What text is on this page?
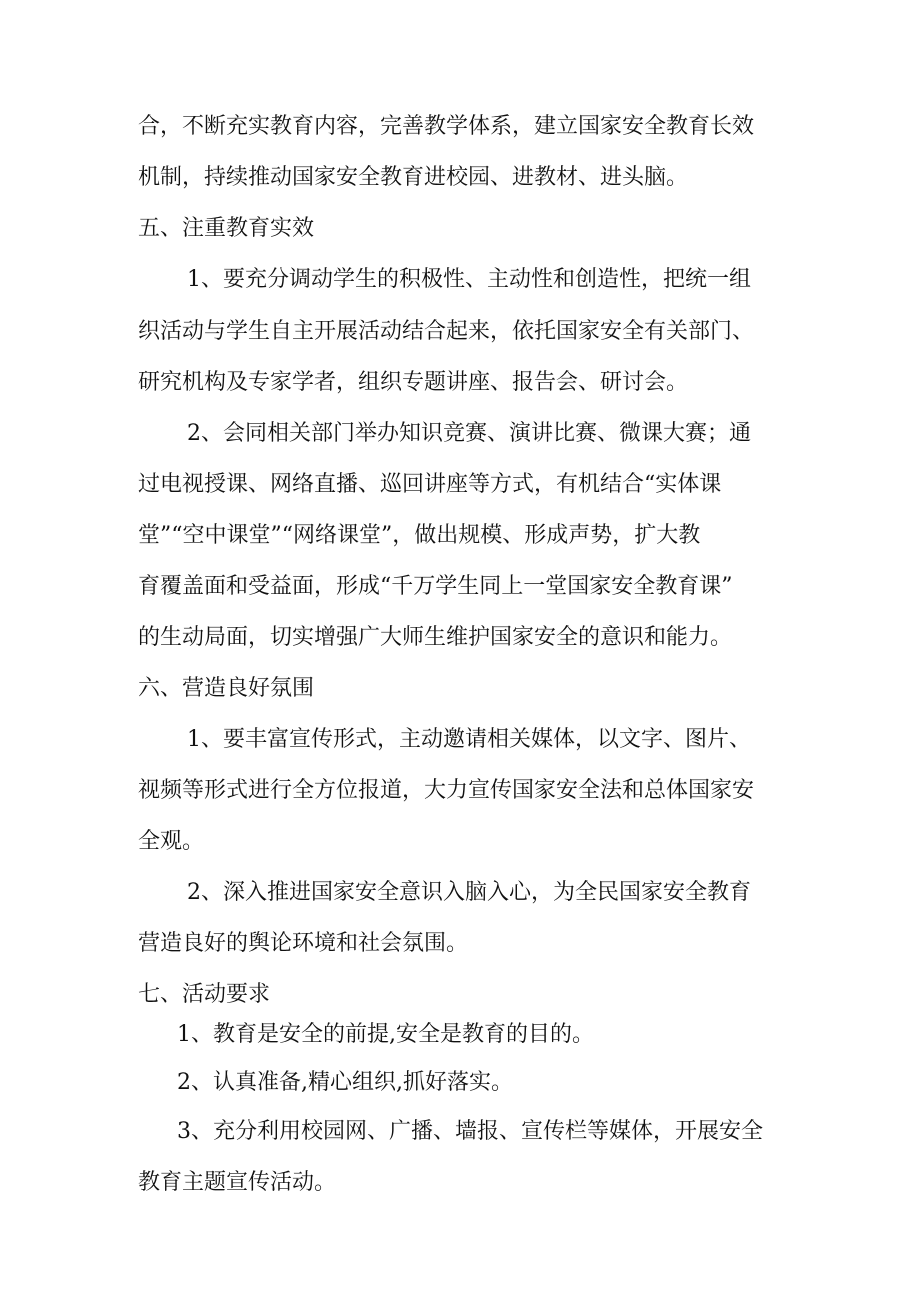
合，不断充实教育内容，完善教学体系，建立国家安全教育长效

机制，持续推动国家安全教育进校园、进教材、进头脑。

五、注重教育实效

1、要充分调动学生的积极性、主动性和创造性，把统一组

织活动与学生自主开展活动结合起来，依托国家安全有关部门、

研究机构及专家学者，组织专题讲座、报告会、研讨会。

2、会同相关部门举办知识竞赛、演讲比赛、微课大赛；通

过电视授课、网络直播、巡回讲座等方式，有机结合“实体课

堂”“空中课堂”“网络课堂”，做出规模、形成声势，扩大教

育覆盖面和受益面，形成“千万学生同上一堂国家安全教育课”

的生动局面，切实增强广大师生维护国家安全的意识和能力。

六、营造良好氛围

1、要丰富宣传形式，主动邀请相关媒体，以文字、图片、

视频等形式进行全方位报道，大力宣传国家安全法和总体国家安

全观。

2、深入推进国家安全意识入脑入心，为全民国家安全教育

营造良好的舆论环境和社会氛围。

七、活动要求

1、教育是安全的前提,安全是教育的目的。

2、认真准备,精心组织,抓好落实。

3、充分利用校园网、广播、墙报、宣传栏等媒体，开展安全

教育主题宣传活动。
